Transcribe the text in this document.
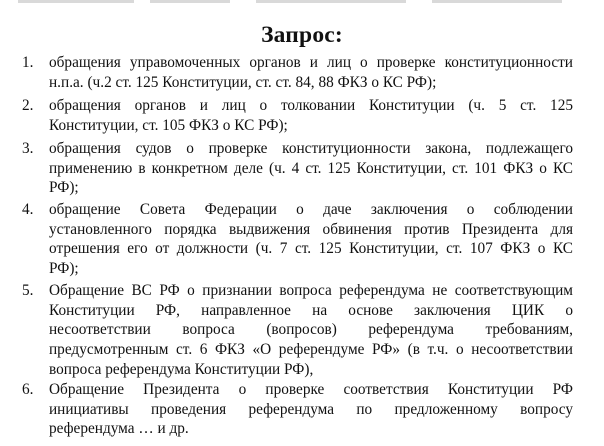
Запрос:
1.	обращения управомоченных органов и лиц о проверке конституционности
н.п.а. (ч.2 ст. 125 Конституции, ст. ст. 84, 88 ФКЗ о КС РФ);
2.	обращения органов и лиц о толковании Конституции (ч. 5 ст. 125
Конституции, ст. 105 ФКЗ о КС РФ);
3.	обращения судов о проверке конституционности закона, подлежащего
применению в конкретном деле (ч. 4 ст. 125 Конституции, ст. 101 ФКЗ о КС
РФ);
4.	обращение Совета Федерации о даче заключения о соблюдении
установленного порядка выдвижения обвинения против Президента для
отрешения его от должности (ч. 7 ст. 125 Конституции, ст. 107 ФКЗ о КС
РФ);
5.	Обращение ВС РФ о признании вопроса референдума не соответствующим
Конституции РФ, направленное на основе заключения ЦИК о
несоответствии вопроса (вопросов) референдума требованиям,
предусмотренным ст. 6 ФКЗ «О референдуме РФ» (в т.ч. о несоответствии
вопроса референдума Конституции РФ),
6.	Обращение Президента о проверке соответствия Конституции РФ
инициативы проведения референдума по предложенному вопросу
референдума … и др.
